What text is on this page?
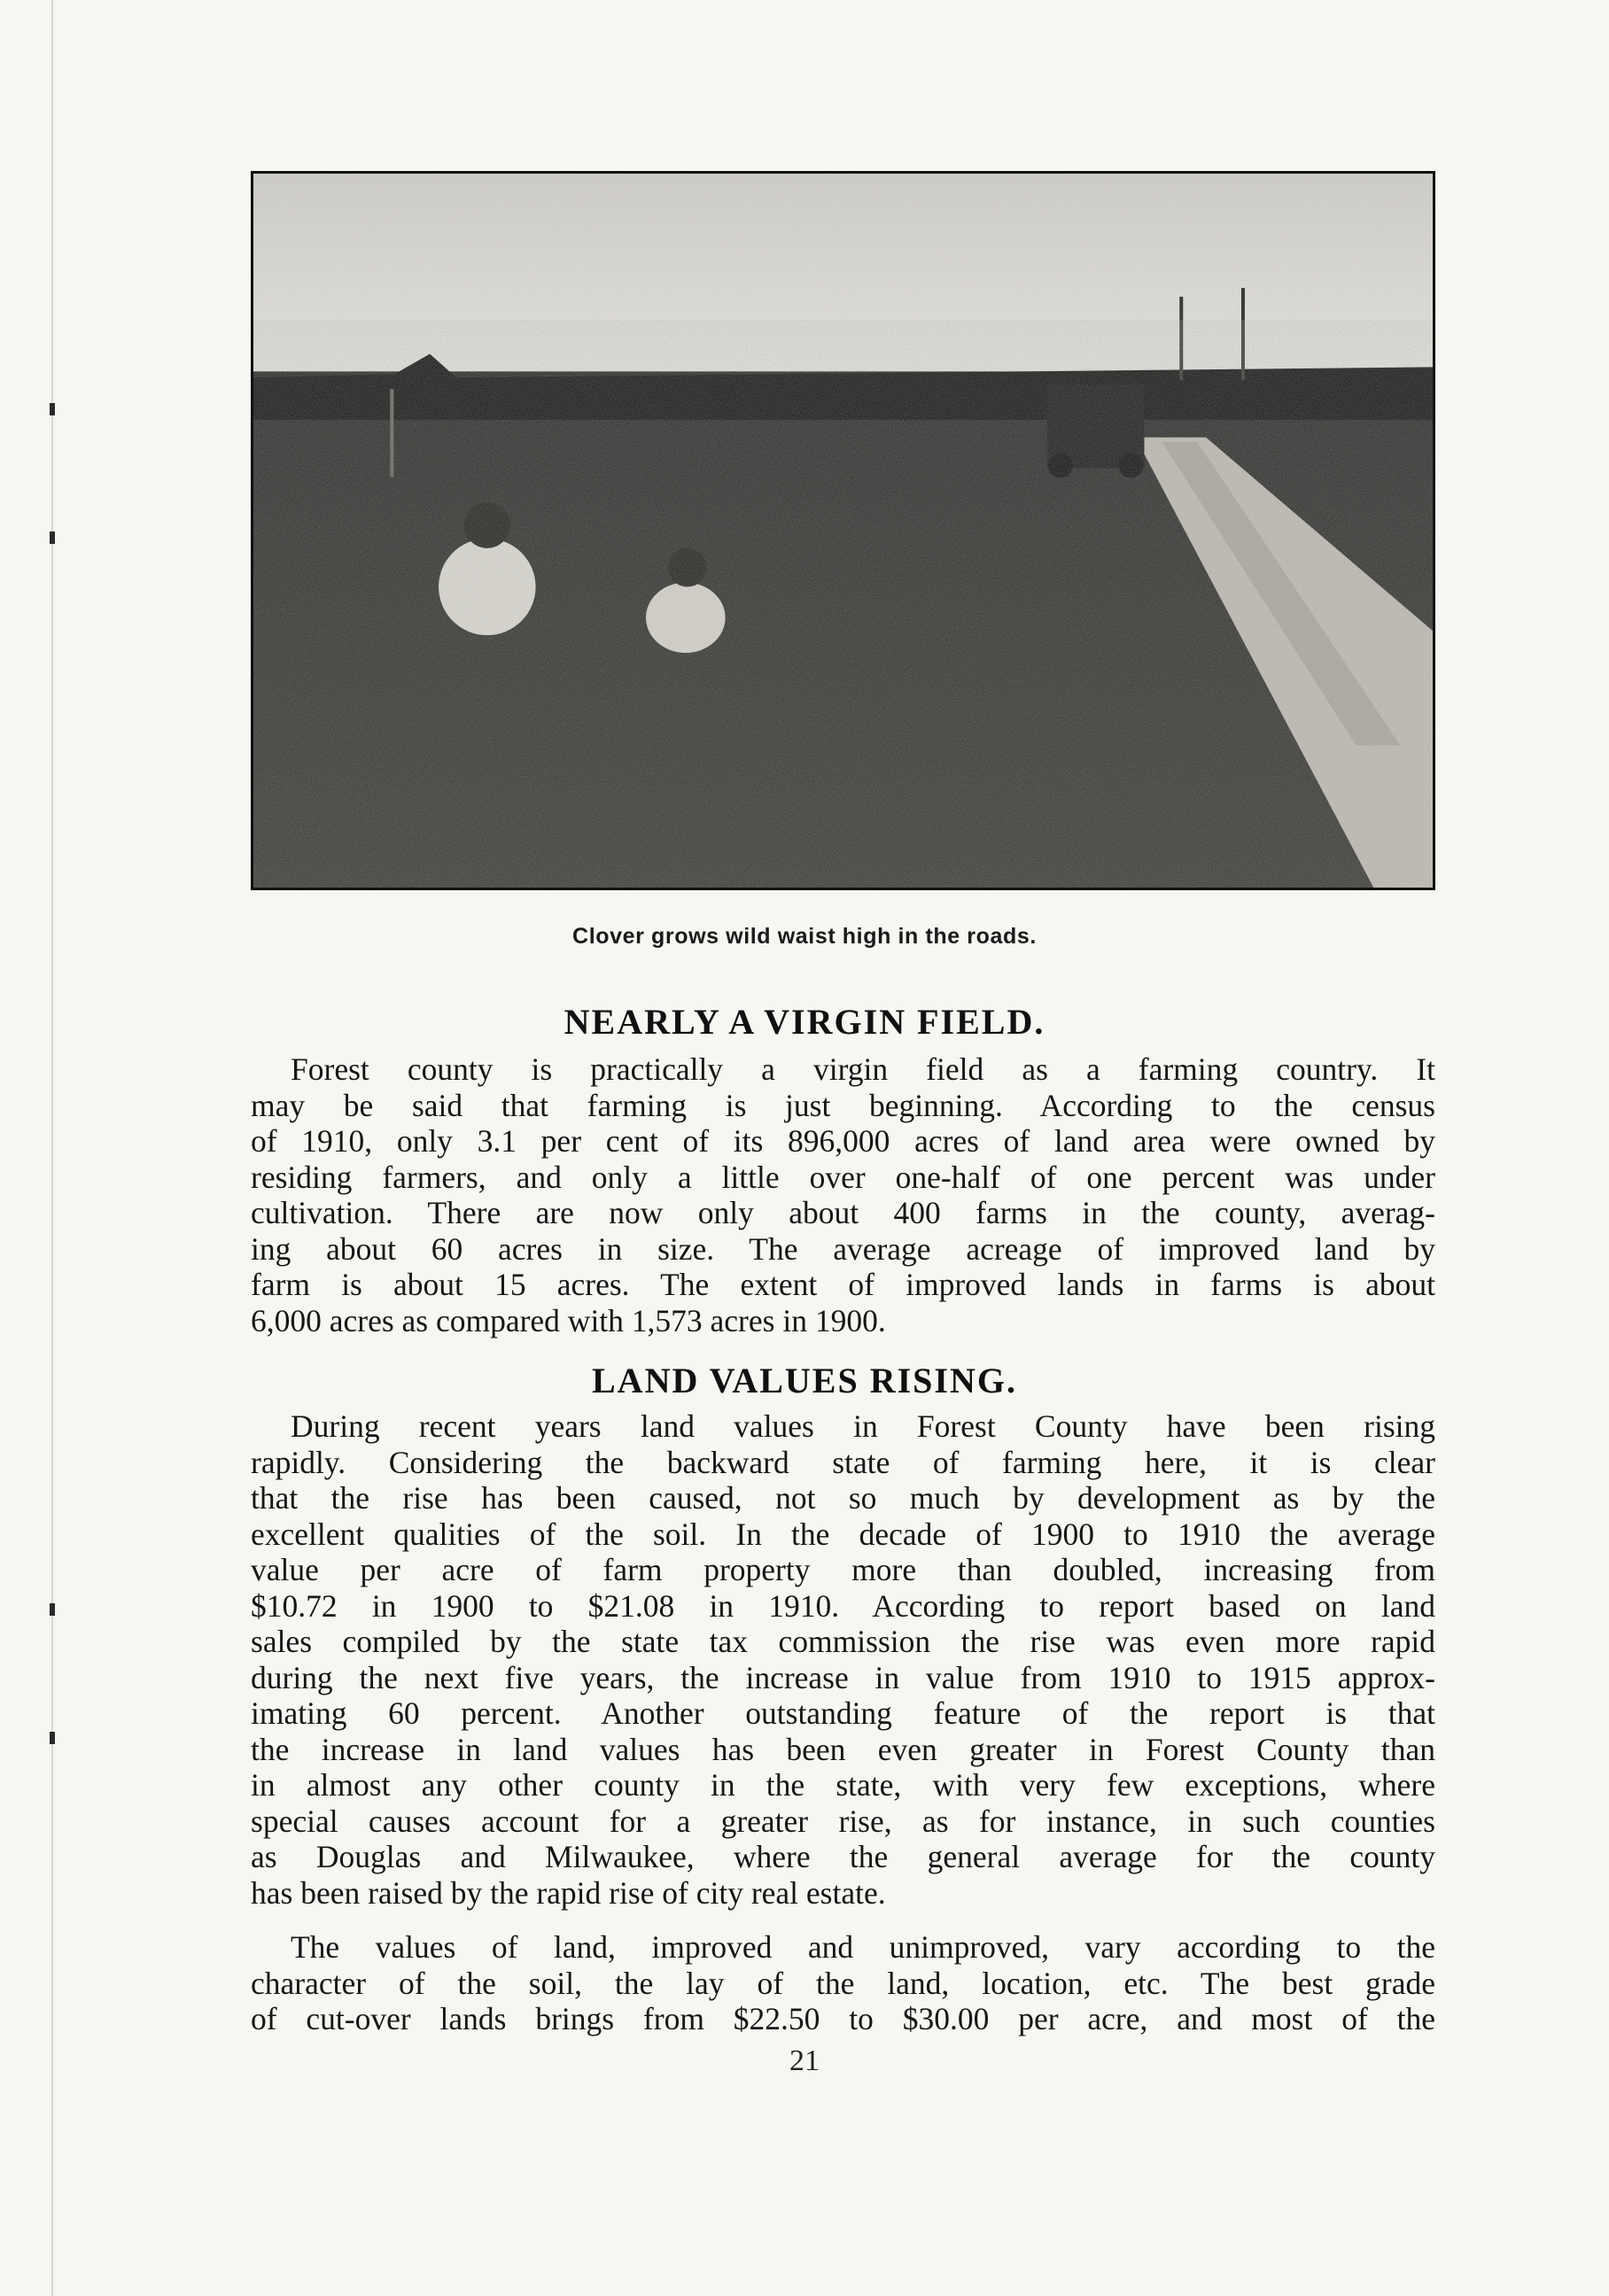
Clover grows wild waist high in the roads.
NEARLY A VIRGIN FIELD.
Forest county is practically a virgin field as a farming country. It
may be said that farming is just beginning. According to the census
of 1910, only 3.1 per cent of its 896,000 acres of land area were owned by
residing farmers, and only a little over one-half of one percent was under
cultivation. There are now only about 400 farms in the county, averag-
ing about 60 acres in size. The average acreage of improved land by
farm is about 15 acres. The extent of improved lands in farms is about
6,000 acres as compared with 1,573 acres in 1900.
LAND VALUES RISING.
During recent years land values in Forest County have been rising
rapidly. Considering the backward state of farming here, it is clear
that the rise has been caused, not so much by development as by the
excellent qualities of the soil. In the decade of 1900 to 1910 the average
value per acre of farm property more than doubled, increasing from
$10.72 in 1900 to $21.08 in 1910. According to report based on land
sales compiled by the state tax commission the rise was even more rapid
during the next five years, the increase in value from 1910 to 1915 approx-
imating 60 percent. Another outstanding feature of the report is that
the increase in land values has been even greater in Forest County than
in almost any other county in the state, with very few exceptions, where
special causes account for a greater rise, as for instance, in such counties
as Douglas and Milwaukee, where the general average for the county
has been raised by the rapid rise of city real estate.
The values of land, improved and unimproved, vary according to the
character of the soil, the lay of the land, location, etc. The best grade
of cut-over lands brings from $22.50 to $30.00 per acre, and most of the
21
